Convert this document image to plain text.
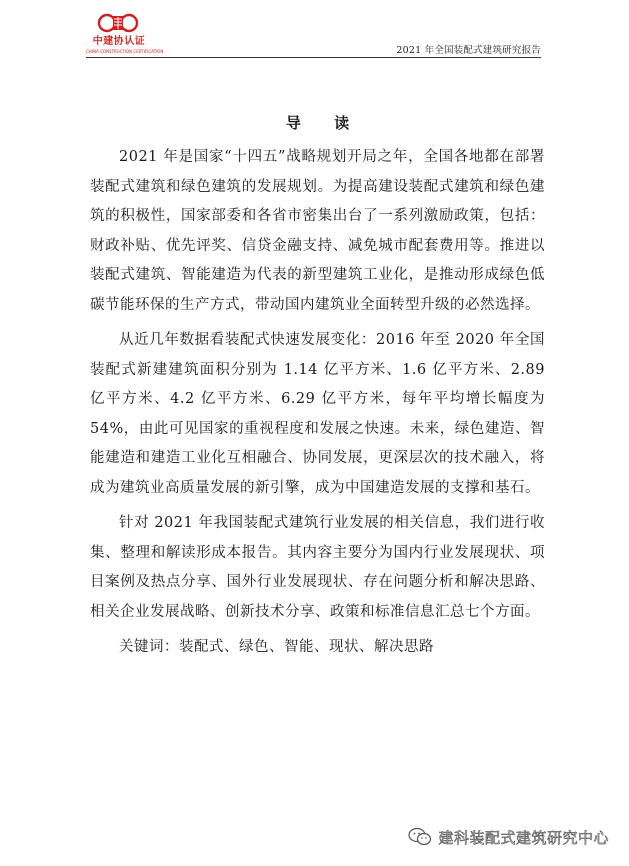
中建协认证
CHINA CONSTRUCTION CERTIFICATION	2021 年全国装配式建筑研究报告
导 读

2021 年是国家“十四五”战略规划开局之年，全国各地都在部署装配式建筑和绿色建筑的发展规划。为提高建设装配式建筑和绿色建筑的积极性，国家部委和各省市密集出台了一系列激励政策，包括：财政补贴、优先评奖、信贷金融支持、减免城市配套费用等。推进以装配式建筑、智能建造为代表的新型建筑工业化，是推动形成绿色低碳节能环保的生产方式，带动国内建筑业全面转型升级的必然选择。

从近几年数据看装配式快速发展变化：2016 年至 2020 年全国装配式新建建筑面积分别为 1.14 亿平方米、1.6 亿平方米、2.89 亿平方米、4.2 亿平方米、6.29 亿平方米，每年平均增长幅度为 54%，由此可见国家的重视程度和发展之快速。未来，绿色建造、智能建造和建造工业化互相融合、协同发展，更深层次的技术融入，将成为建筑业高质量发展的新引擎，成为中国建造发展的支撑和基石。

针对 2021 年我国装配式建筑行业发展的相关信息，我们进行收集、整理和解读形成本报告。其内容主要分为国内行业发展现状、项目案例及热点分享、国外行业发展现状、存在问题分析和解决思路、相关企业发展战略、创新技术分享、政策和标准信息汇总七个方面。

关键词：装配式、绿色、智能、现状、解决思路
建科装配式建筑研究中心
